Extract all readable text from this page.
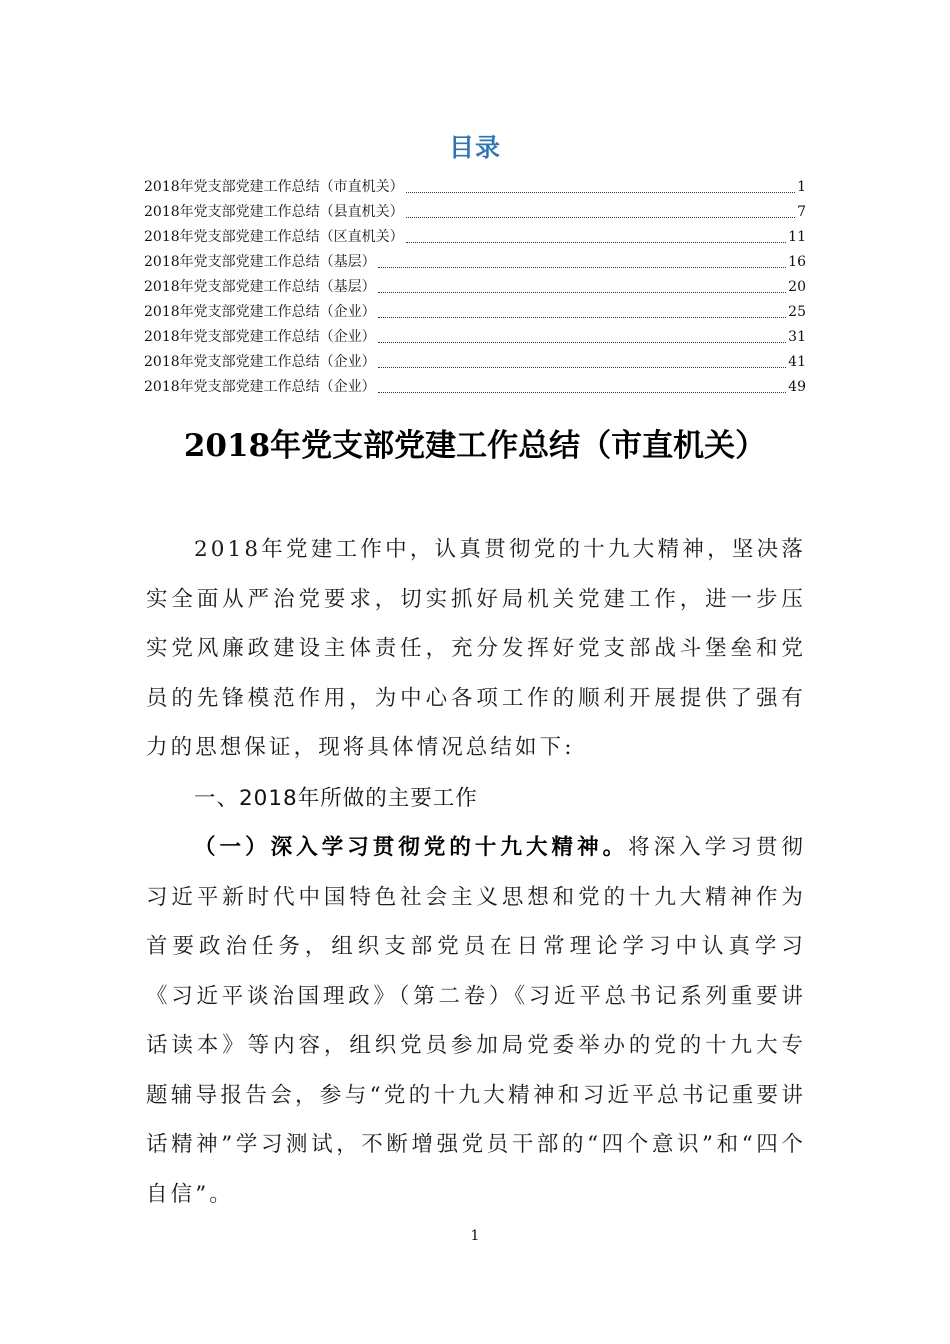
目录
2018年党支部党建工作总结（市直机关）	1
2018年党支部党建工作总结（县直机关）	7
2018年党支部党建工作总结（区直机关）	11
2018年党支部党建工作总结（基层）	16
2018年党支部党建工作总结（基层）	20
2018年党支部党建工作总结（企业）	25
2018年党支部党建工作总结（企业）	31
2018年党支部党建工作总结（企业）	41
2018年党支部党建工作总结（企业）	49
2018年党支部党建工作总结（市直机关）
2018年党建工作中，认真贯彻党的十九大精神，坚决落实全面从严治党要求，切实抓好局机关党建工作，进一步压实党风廉政建设主体责任，充分发挥好党支部战斗堡垒和党员的先锋模范作用，为中心各项工作的顺利开展提供了强有力的思想保证，现将具体情况总结如下:
一、2018年所做的主要工作
（一）深入学习贯彻党的十九大精神。将深入学习贯彻习近平新时代中国特色社会主义思想和党的十九大精神作为首要政治任务，组织支部党员在日常理论学习中认真学习《习近平谈治国理政》（第二卷）《习近平总书记系列重要讲话读本》等内容，组织党员参加局党委举办的党的十九大专题辅导报告会，参与“党的十九大精神和习近平总书记重要讲话精神”学习测试，不断增强党员干部的“四个意识”和“四个自信”。
1
